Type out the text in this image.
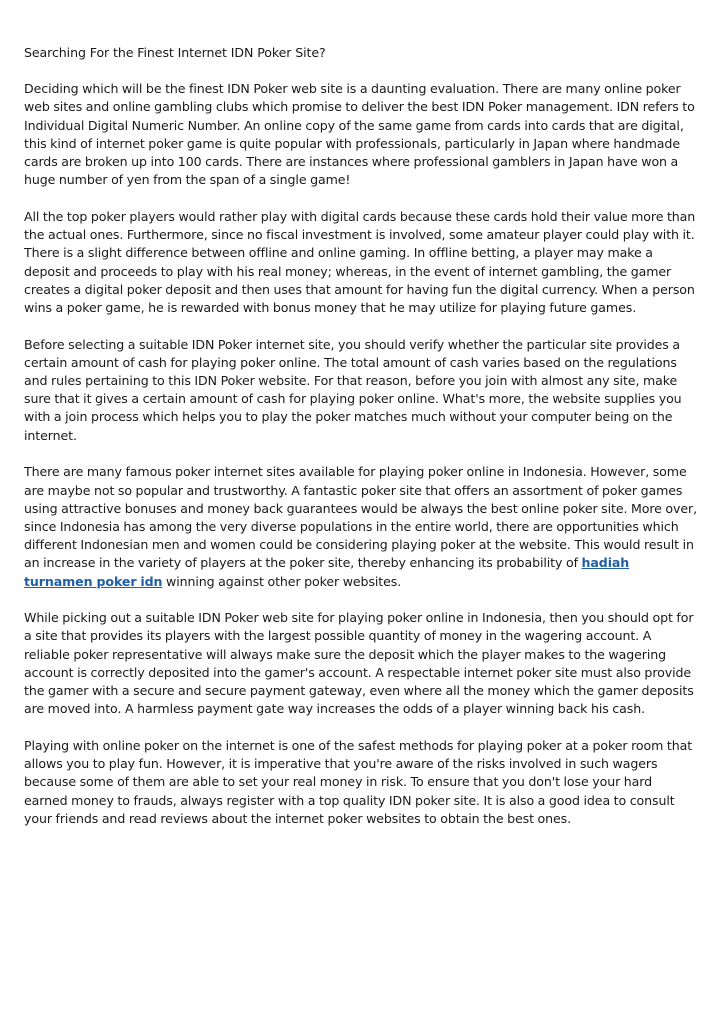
Searching For the Finest Internet IDN Poker Site?

Deciding which will be the finest IDN Poker web site is a daunting evaluation. There are many online poker web sites and online gambling clubs which promise to deliver the best IDN Poker management. IDN refers to Individual Digital Numeric Number. An online copy of the same game from cards into cards that are digital, this kind of internet poker game is quite popular with professionals, particularly in Japan where handmade cards are broken up into 100 cards. There are instances where professional gamblers in Japan have won a huge number of yen from the span of a single game!

All the top poker players would rather play with digital cards because these cards hold their value more than the actual ones. Furthermore, since no fiscal investment is involved, some amateur player could play with it. There is a slight difference between offline and online gaming. In offline betting, a player may make a deposit and proceeds to play with his real money; whereas, in the event of internet gambling, the gamer creates a digital poker deposit and then uses that amount for having fun the digital currency. When a person wins a poker game, he is rewarded with bonus money that he may utilize for playing future games.

Before selecting a suitable IDN Poker internet site, you should verify whether the particular site provides a certain amount of cash for playing poker online. The total amount of cash varies based on the regulations and rules pertaining to this IDN Poker website. For that reason, before you join with almost any site, make sure that it gives a certain amount of cash for playing poker online. What's more, the website supplies you with a join process which helps you to play the poker matches much without your computer being on the internet.

There are many famous poker internet sites available for playing poker online in Indonesia. However, some are maybe not so popular and trustworthy. A fantastic poker site that offers an assortment of poker games using attractive bonuses and money back guarantees would be always the best online poker site. More over, since Indonesia has among the very diverse populations in the entire world, there are opportunities which different Indonesian men and women could be considering playing poker at the website. This would result in an increase in the variety of players at the poker site, thereby enhancing its probability of hadiah turnamen poker idn winning against other poker websites.

While picking out a suitable IDN Poker web site for playing poker online in Indonesia, then you should opt for a site that provides its players with the largest possible quantity of money in the wagering account. A reliable poker representative will always make sure the deposit which the player makes to the wagering account is correctly deposited into the gamer's account. A respectable internet poker site must also provide the gamer with a secure and secure payment gateway, even where all the money which the gamer deposits are moved into. A harmless payment gate way increases the odds of a player winning back his cash.

Playing with online poker on the internet is one of the safest methods for playing poker at a poker room that allows you to play fun. However, it is imperative that you're aware of the risks involved in such wagers because some of them are able to set your real money in risk. To ensure that you don't lose your hard earned money to frauds, always register with a top quality IDN poker site. It is also a good idea to consult your friends and read reviews about the internet poker websites to obtain the best ones.
